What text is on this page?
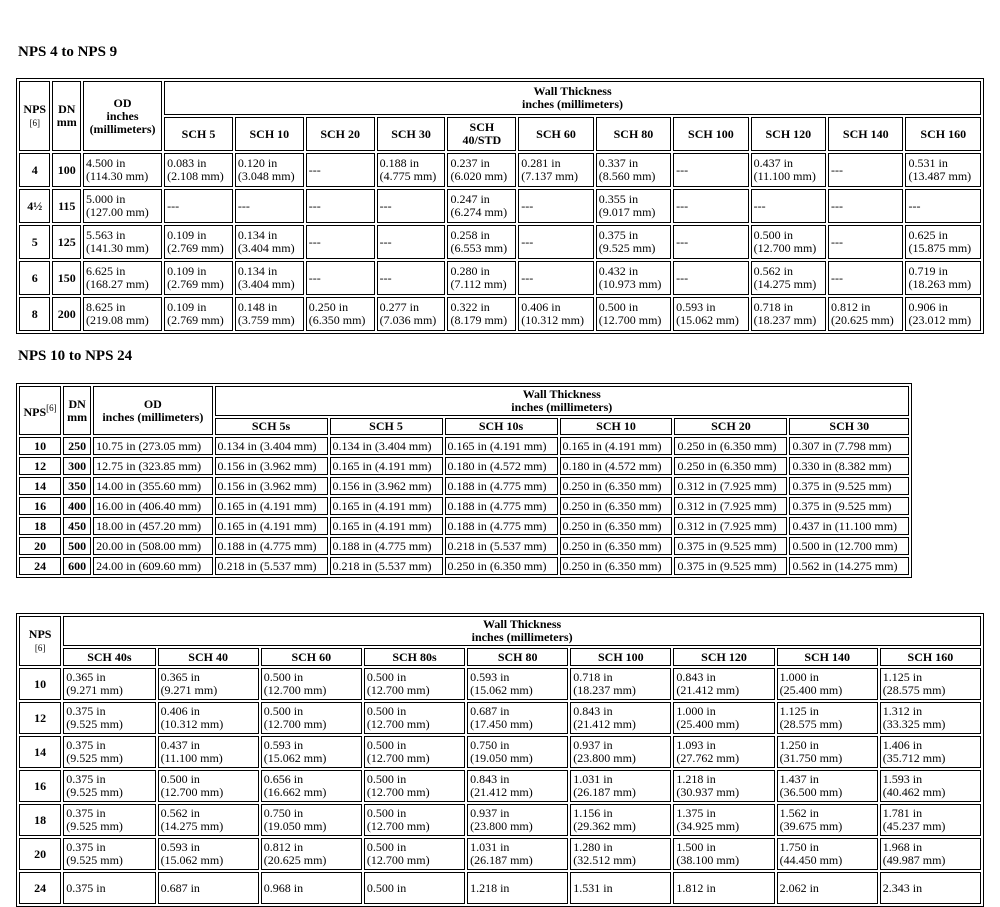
NPS 4 to NPS 9
NPS
[6]	DN
mm	OD
inches
(millimeters)	Wall Thickness
inches (millimeters)										
			SCH 5	SCH 10	SCH 20	SCH 30	SCH
40/STD	SCH 60	SCH 80	SCH 100	SCH 120	SCH 140	SCH 160
4	100	4.500 in
(114.30 mm)	0.083 in
(2.108 mm)	0.120 in
(3.048 mm)	---	0.188 in
(4.775 mm)	0.237 in
(6.020 mm)	0.281 in
(7.137 mm)	0.337 in
(8.560 mm)	---	0.437 in
(11.100 mm)	---	0.531 in
(13.487 mm)
4½	115	5.000 in
(127.00 mm)	---	---	---	---	0.247 in
(6.274 mm)	---	0.355 in
(9.017 mm)	---	---	---	---
5	125	5.563 in
(141.30 mm)	0.109 in
(2.769 mm)	0.134 in
(3.404 mm)	---	---	0.258 in
(6.553 mm)	---	0.375 in
(9.525 mm)	---	0.500 in
(12.700 mm)	---	0.625 in
(15.875 mm)
6	150	6.625 in
(168.27 mm)	0.109 in
(2.769 mm)	0.134 in
(3.404 mm)	---	---	0.280 in
(7.112 mm)	---	0.432 in
(10.973 mm)	---	0.562 in
(14.275 mm)	---	0.719 in
(18.263 mm)
8	200	8.625 in
(219.08 mm)	0.109 in
(2.769 mm)	0.148 in
(3.759 mm)	0.250 in
(6.350 mm)	0.277 in
(7.036 mm)	0.322 in
(8.179 mm)	0.406 in
(10.312 mm)	0.500 in
(12.700 mm)	0.593 in
(15.062 mm)	0.718 in
(18.237 mm)	0.812 in
(20.625 mm)	0.906 in
(23.012 mm)
NPS 10 to NPS 24
NPS[6]	DN
mm	OD
inches (millimeters)	Wall Thickness
inches (millimeters)					
			SCH 5s	SCH 5	SCH 10s	SCH 10	SCH 20	SCH 30
10	250	10.75 in (273.05 mm)	0.134 in (3.404 mm)	0.134 in (3.404 mm)	0.165 in (4.191 mm)	0.165 in (4.191 mm)	0.250 in (6.350 mm)	0.307 in (7.798 mm)
12	300	12.75 in (323.85 mm)	0.156 in (3.962 mm)	0.165 in (4.191 mm)	0.180 in (4.572 mm)	0.180 in (4.572 mm)	0.250 in (6.350 mm)	0.330 in (8.382 mm)
14	350	14.00 in (355.60 mm)	0.156 in (3.962 mm)	0.156 in (3.962 mm)	0.188 in (4.775 mm)	0.250 in (6.350 mm)	0.312 in (7.925 mm)	0.375 in (9.525 mm)
16	400	16.00 in (406.40 mm)	0.165 in (4.191 mm)	0.165 in (4.191 mm)	0.188 in (4.775 mm)	0.250 in (6.350 mm)	0.312 in (7.925 mm)	0.375 in (9.525 mm)
18	450	18.00 in (457.20 mm)	0.165 in (4.191 mm)	0.165 in (4.191 mm)	0.188 in (4.775 mm)	0.250 in (6.350 mm)	0.312 in (7.925 mm)	0.437 in (11.100 mm)
20	500	20.00 in (508.00 mm)	0.188 in (4.775 mm)	0.188 in (4.775 mm)	0.218 in (5.537 mm)	0.250 in (6.350 mm)	0.375 in (9.525 mm)	0.500 in (12.700 mm)
24	600	24.00 in (609.60 mm)	0.218 in (5.537 mm)	0.218 in (5.537 mm)	0.250 in (6.350 mm)	0.250 in (6.350 mm)	0.375 in (9.525 mm)	0.562 in (14.275 mm)
NPS
[6]	Wall Thickness
inches (millimeters)								
	SCH 40s	SCH 40	SCH 60	SCH 80s	SCH 80	SCH 100	SCH 120	SCH 140	SCH 160
10	0.365 in
(9.271 mm)	0.365 in
(9.271 mm)	0.500 in
(12.700 mm)	0.500 in
(12.700 mm)	0.593 in
(15.062 mm)	0.718 in
(18.237 mm)	0.843 in
(21.412 mm)	1.000 in
(25.400 mm)	1.125 in
(28.575 mm)
12	0.375 in
(9.525 mm)	0.406 in
(10.312 mm)	0.500 in
(12.700 mm)	0.500 in
(12.700 mm)	0.687 in
(17.450 mm)	0.843 in
(21.412 mm)	1.000 in
(25.400 mm)	1.125 in
(28.575 mm)	1.312 in
(33.325 mm)
14	0.375 in
(9.525 mm)	0.437 in
(11.100 mm)	0.593 in
(15.062 mm)	0.500 in
(12.700 mm)	0.750 in
(19.050 mm)	0.937 in
(23.800 mm)	1.093 in
(27.762 mm)	1.250 in
(31.750 mm)	1.406 in
(35.712 mm)
16	0.375 in
(9.525 mm)	0.500 in
(12.700 mm)	0.656 in
(16.662 mm)	0.500 in
(12.700 mm)	0.843 in
(21.412 mm)	1.031 in
(26.187 mm)	1.218 in
(30.937 mm)	1.437 in
(36.500 mm)	1.593 in
(40.462 mm)
18	0.375 in
(9.525 mm)	0.562 in
(14.275 mm)	0.750 in
(19.050 mm)	0.500 in
(12.700 mm)	0.937 in
(23.800 mm)	1.156 in
(29.362 mm)	1.375 in
(34.925 mm)	1.562 in
(39.675 mm)	1.781 in
(45.237 mm)
20	0.375 in
(9.525 mm)	0.593 in
(15.062 mm)	0.812 in
(20.625 mm)	0.500 in
(12.700 mm)	1.031 in
(26.187 mm)	1.280 in
(32.512 mm)	1.500 in
(38.100 mm)	1.750 in
(44.450 mm)	1.968 in
(49.987 mm)
24	0.375 in	0.687 in	0.968 in	0.500 in	1.218 in	1.531 in	1.812 in	2.062 in	2.343 in
